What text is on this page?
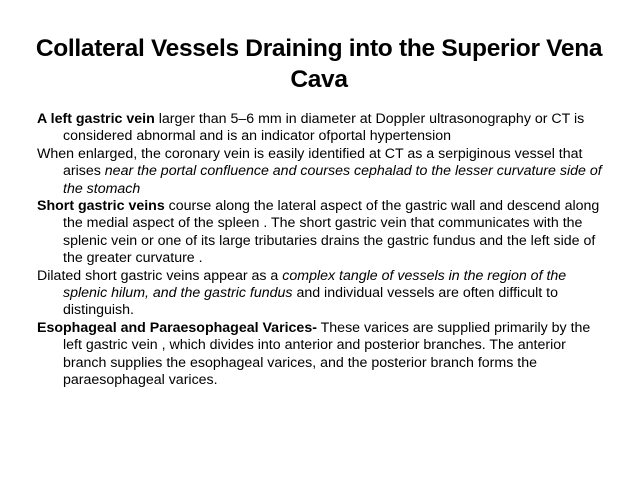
Collateral Vessels Draining into the Superior Vena Cava

A left gastric vein larger than 5–6 mm in diameter at Doppler ultrasonography or CT is considered abnormal and is an indicator ofportal hypertension

When enlarged, the coronary vein is easily identified at CT as a serpiginous vessel that arises near the portal confluence and courses cephalad to the lesser curvature side of the stomach

Short gastric veins course along the lateral aspect of the gastric wall and descend along the medial aspect of the spleen . The short gastric vein that communicates with the splenic vein or one of its large tributaries drains the gastric fundus and the left side of the greater curvature .

Dilated short gastric veins appear as a complex tangle of vessels in the region of the splenic hilum, and the gastric fundus and individual vessels are often difficult to distinguish.

Esophageal and Paraesophageal Varices- These varices are supplied primarily by the left gastric vein , which divides into anterior and posterior branches. The anterior branch supplies the esophageal varices, and the posterior branch forms the paraesophageal varices.
